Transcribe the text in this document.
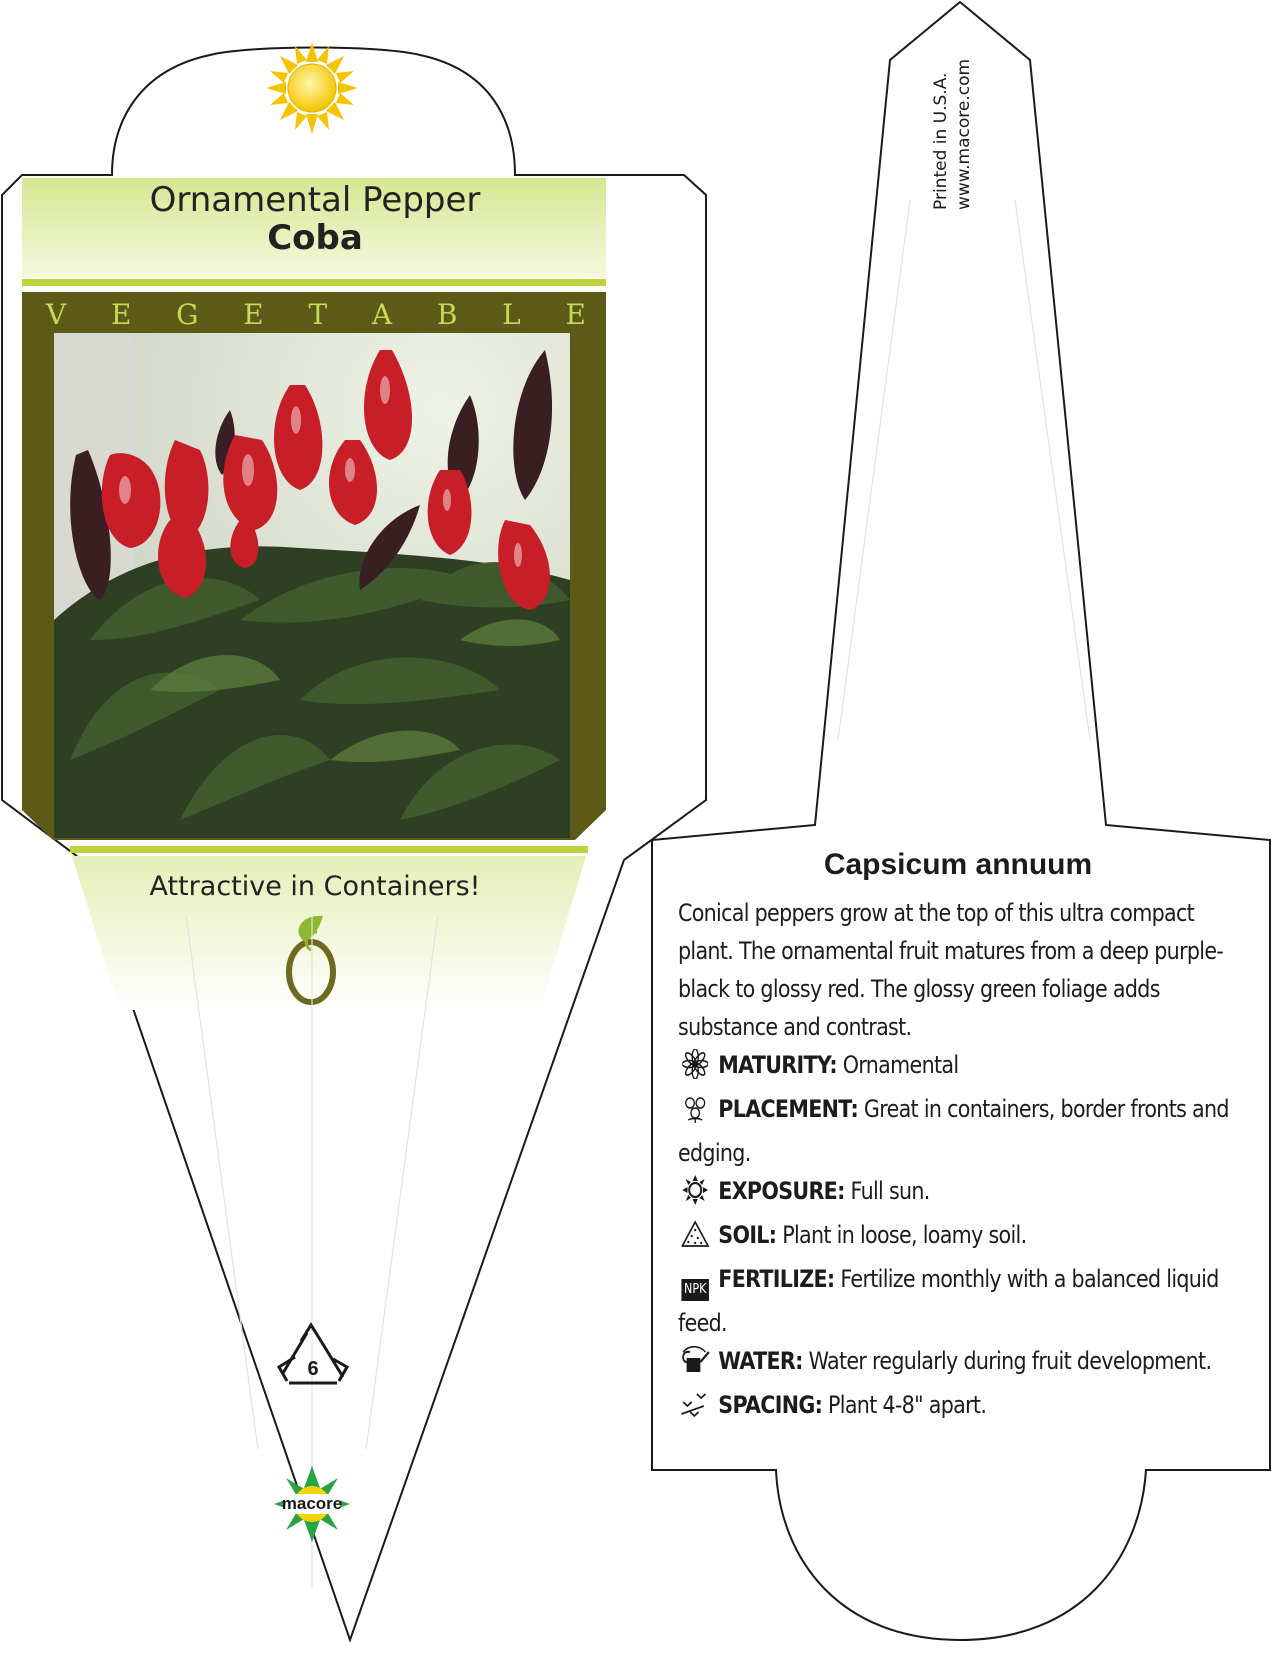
Ornamental Pepper
Coba
V E G E T A B L E
Attractive in Containers!
6
macore
Printed in U.S.A. www.macore.com
Capsicum annuum
Conical peppers grow at the top of this ultra compact plant. The ornamental fruit matures from a deep purple-black to glossy red. The glossy green foliage adds substance and contrast.
MATURITY: Ornamental
PLACEMENT: Great in containers, border fronts and edging.
EXPOSURE: Full sun.
SOIL: Plant in loose, loamy soil.
NPK FERTILIZE: Fertilize monthly with a balanced liquid feed.
WATER: Water regularly during fruit development.
SPACING: Plant 4-8" apart.
